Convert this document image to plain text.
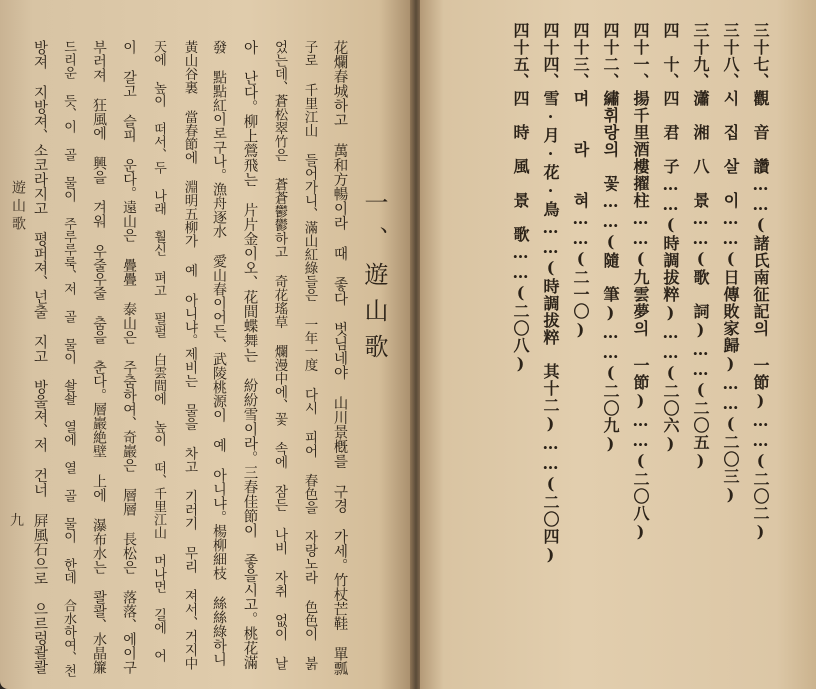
一、遊山歌
花爛春城하고 萬和方暢이라 때 좋다 벗님네야 山川景槪를 구경 가세。竹杖芒鞋 單瓢
子로 千里江山 들어가니、滿山紅綠들은 一年一度 다시 피어 春色을 자랑노라 色色이 붉
었는데、蒼松翠竹은 蒼蒼鬱鬱하고 奇花瑤草 爛漫中에、꽃 속에 잠든 나비 자취 없이 날
아 난다。柳上鶯飛는 片片金이오、花間蝶舞는 紛紛雪이라。三春佳節이 좋을시고。桃花滿
發 點點紅이로구나。漁舟逐水 愛山春이어든、武陵桃源이 예 아니냐。楊柳細枝 絲絲綠하니
黃山谷裏 當春節에 淵明五柳가 예 아니냐。제비는 물을 차고 기러기 무리 져서、거지中
天에 높이 떠서、두 나래 훨신 펴고 펄펄 白雲間에 높이 떠、千里江山 머나먼 길에 어
이 갈고 슬피 운다。遠山은 疊疊 泰山은 주춤하여、奇巖은 層層 長松은 落落、에이구
부러져 狂風에 興을 겨워 우줄우줄 춤을 춘다。層巖絶壁 上에 瀑布水는 콸콸、水晶簾
드리운 듯、이 골 물이 주루루룩、저 골 물이 솰솰 열에 열 골 물이 한데 合水하여、천
방져 지방져、소코라지고 평퍼져、넌출 지고 방울져、저 건너 屛風石으로 으르렁콸콸
遊山歌
九	三十七、觀　音　讚……(諸氏南征記의 一節)……(二〇二)
三十八、시　집　살　이……(日傳敗家歸)……(二〇三)
三十九、瀟　湘　八　景……(歌　詞)……(二〇五)
四　十、四　君　子……(時調拔粹)……(二〇六)
四十一、揚千里酒樓擢柱……(九雲夢의 一節)……(二〇八)
四十二、繡휘랑의　꽃……(隨　筆)……(二〇九)
四十三、며　　라　　혀……(二一〇)
四十四、雪·月·花·鳥……(時調拔粹　其十二)……(二〇四)
四十五、四　時　風　景　歌……(二〇八)
